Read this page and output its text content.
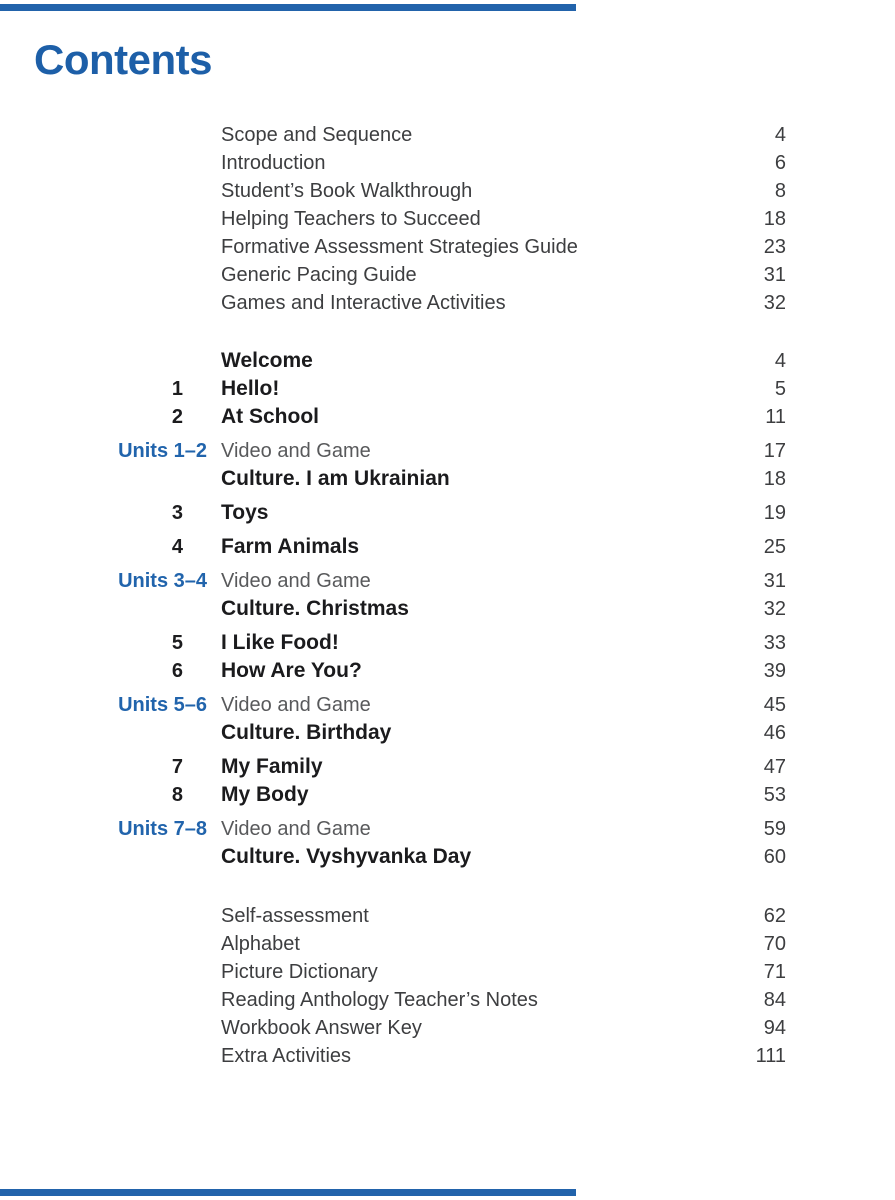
Contents
Scope and Sequence	4
Introduction	6
Student’s Book Walkthrough	8
Helping Teachers to Succeed	18
Formative Assessment Strategies Guide	23
Generic Pacing Guide	31
Games and Interactive Activities	32
Welcome	4
1	Hello!	5
2	At School	11
Units 1–2 Video and Game	17
Culture. I am Ukrainian	18
3	Toys	19
4	Farm Animals	25
Units 3–4 Video and Game	31
Culture. Christmas	32
5	I Like Food!	33
6	How Are You?	39
Units 5–6 Video and Game	45
Culture. Birthday	46
7	My Family	47
8	My Body	53
Units 7–8 Video and Game	59
Culture. Vyshyvanka Day	60
Self-assessment	62
Alphabet	70
Picture Dictionary	71
Reading Anthology Teacher’s Notes	84
Workbook Answer Key	94
Extra Activities	111
